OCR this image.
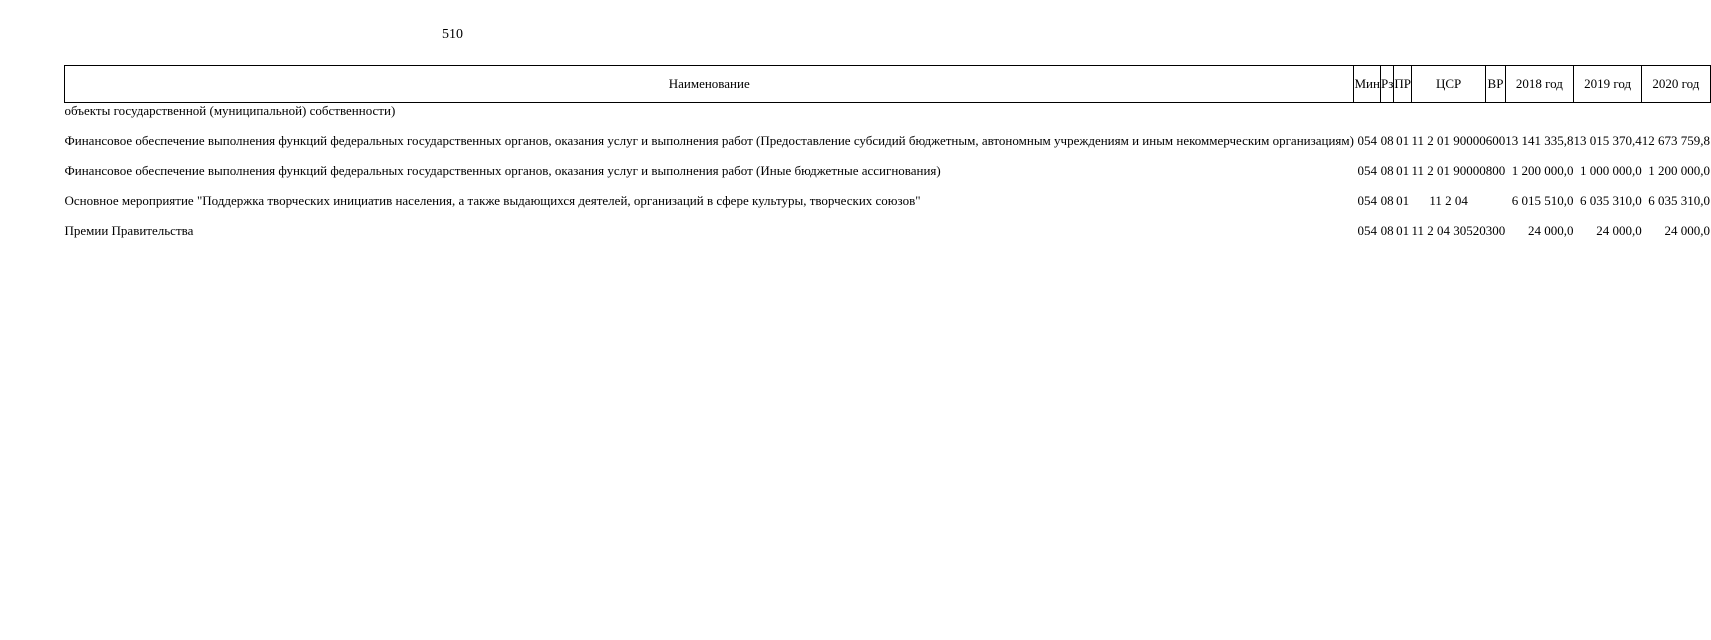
510
Наименование	Мин	Рз	ПР	ЦСР	ВР	2018 год	2019 год	2020 год

объекты государственной (муниципальной) собственности)								

Финансовое обеспечение выполнения функций федеральных государственных органов, оказания услуг и выполнения работ (Предоставление субсидий бюджетным, автономным учреждениям и иным некоммерческим организациям)	054	08	01	11 2 01 90000	600	13 141 335,8	13 015 370,4	12 673 759,8

Финансовое обеспечение выполнения функций федеральных государственных органов, оказания услуг и выполнения работ (Иные бюджетные ассигнования)	054	08	01	11 2 01 90000	800	1 200 000,0	1 000 000,0	1 200 000,0

Основное мероприятие "Поддержка творческих инициатив населения, а также выдающихся деятелей, организаций в сфере культуры, творческих союзов"	054	08	01	11 2 04		6 015 510,0	6 035 310,0	6 035 310,0

Премии Правительства	054	08	01	11 2 04 30520	300	24 000,0	24 000,0	24 000,0
